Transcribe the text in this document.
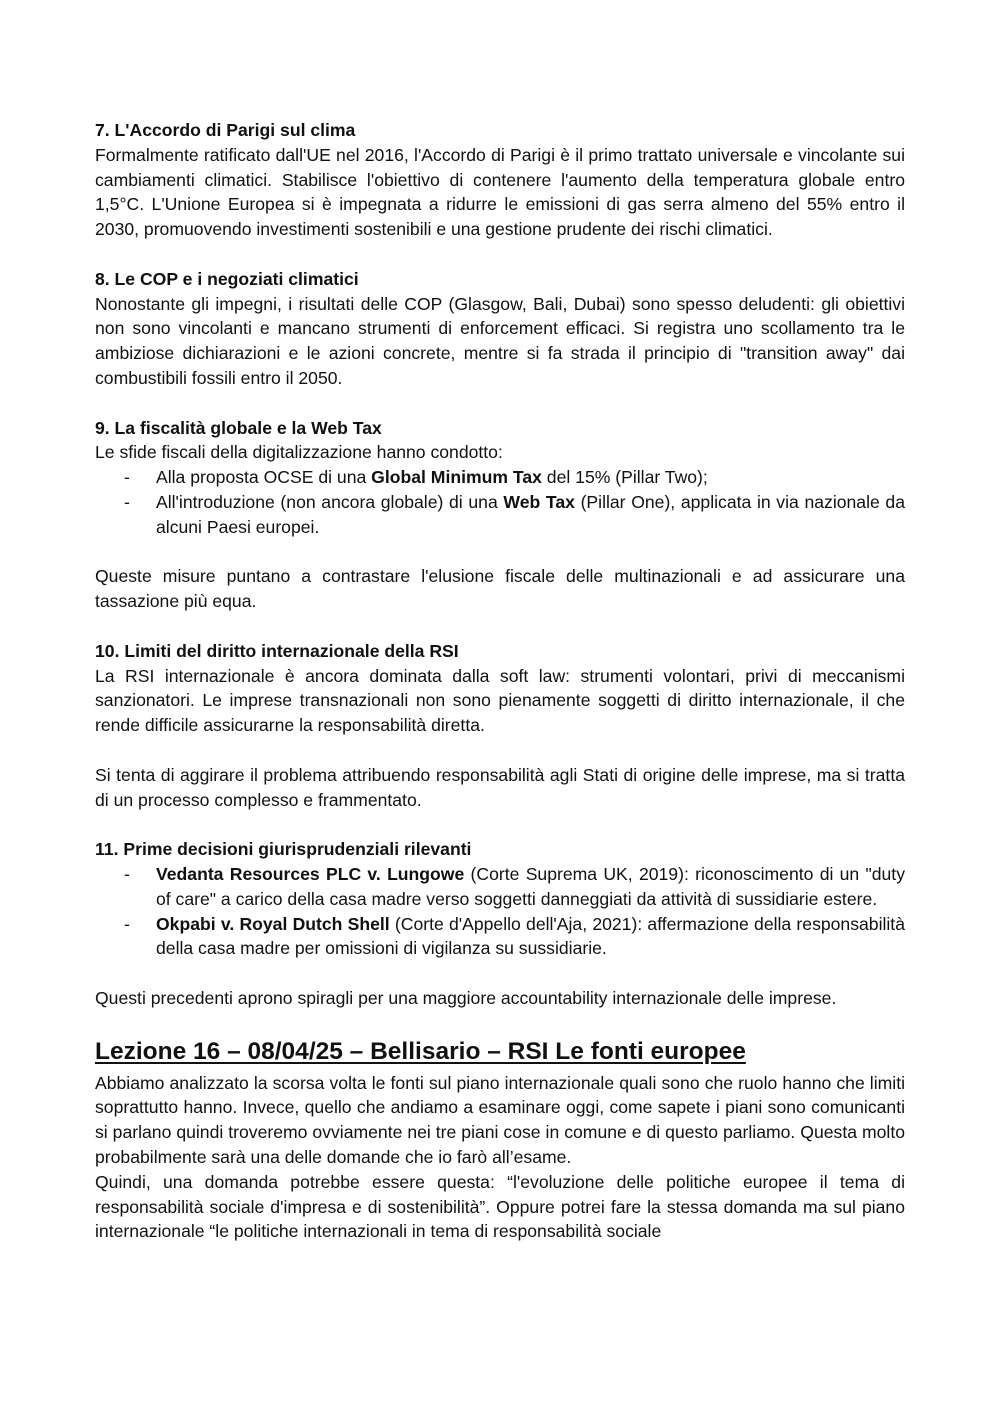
7. L'Accordo di Parigi sul clima

Formalmente ratificato dall'UE nel 2016, l'Accordo di Parigi è il primo trattato universale e vincolante sui cambiamenti climatici. Stabilisce l'obiettivo di contenere l'aumento della temperatura globale entro 1,5°C. L'Unione Europea si è impegnata a ridurre le emissioni di gas serra almeno del 55% entro il 2030, promuovendo investimenti sostenibili e una gestione prudente dei rischi climatici.

8. Le COP e i negoziati climatici

Nonostante gli impegni, i risultati delle COP (Glasgow, Bali, Dubai) sono spesso deludenti: gli obiettivi non sono vincolanti e mancano strumenti di enforcement efficaci. Si registra uno scollamento tra le ambiziose dichiarazioni e le azioni concrete, mentre si fa strada il principio di "transition away" dai combustibili fossili entro il 2050.

9. La fiscalità globale e la Web Tax

Le sfide fiscali della digitalizzazione hanno condotto:

- Alla proposta OCSE di una Global Minimum Tax del 15% (Pillar Two);
- All'introduzione (non ancora globale) di una Web Tax (Pillar One), applicata in via nazionale da alcuni Paesi europei.

Queste misure puntano a contrastare l'elusione fiscale delle multinazionali e ad assicurare una tassazione più equa.

10. Limiti del diritto internazionale della RSI

La RSI internazionale è ancora dominata dalla soft law: strumenti volontari, privi di meccanismi sanzionatori. Le imprese transnazionali non sono pienamente soggetti di diritto internazionale, il che rende difficile assicurarne la responsabilità diretta.

Si tenta di aggirare il problema attribuendo responsabilità agli Stati di origine delle imprese, ma si tratta di un processo complesso e frammentato.

11. Prime decisioni giurisprudenziali rilevanti
- Vedanta Resources PLC v. Lungowe (Corte Suprema UK, 2019): riconoscimento di un "duty of care" a carico della casa madre verso soggetti danneggiati da attività di sussidiarie estere.
- Okpabi v. Royal Dutch Shell (Corte d'Appello dell'Aja, 2021): affermazione della responsabilità della casa madre per omissioni di vigilanza su sussidiarie.

Questi precedenti aprono spiragli per una maggiore accountability internazionale delle imprese.

Lezione 16 – 08/04/25 – Bellisario – RSI Le fonti europee

Abbiamo analizzato la scorsa volta le fonti sul piano internazionale quali sono che ruolo hanno che limiti soprattutto hanno. Invece, quello che andiamo a esaminare oggi, come sapete i piani sono comunicanti si parlano quindi troveremo ovviamente nei tre piani cose in comune e di questo parliamo. Questa molto probabilmente sarà una delle domande che io farò all’esame.

Quindi, una domanda potrebbe essere questa: “l'evoluzione delle politiche europee il tema di responsabilità sociale d'impresa e di sostenibilità”. Oppure potrei fare la stessa domanda ma sul piano internazionale “le politiche internazionali in tema di responsabilità sociale
